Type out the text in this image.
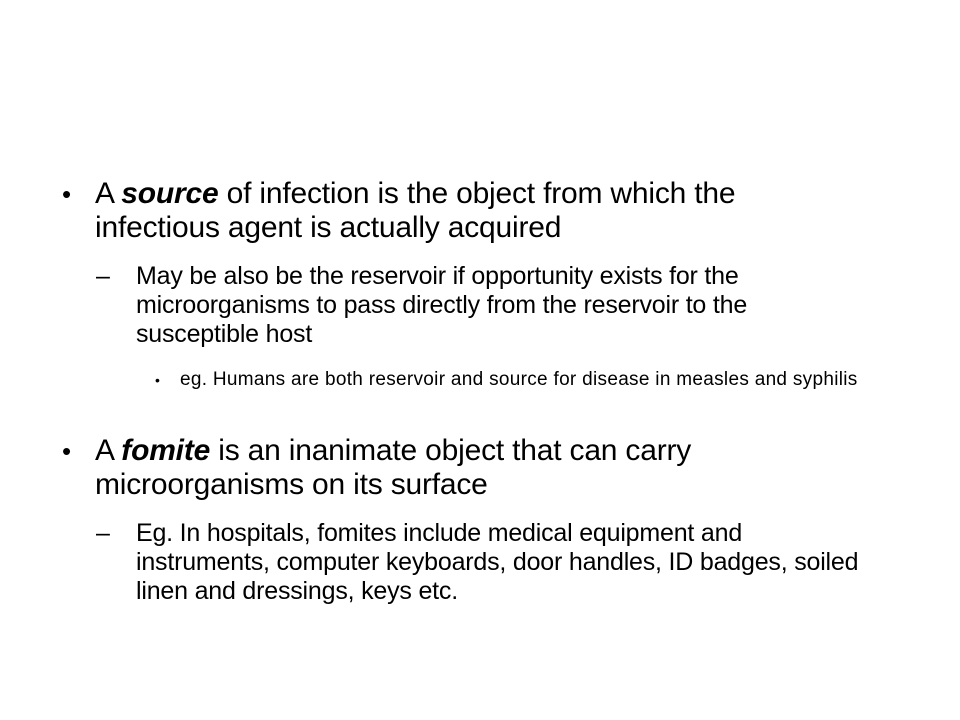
• A source of infection is the object from which the infectious agent is actually acquired
–	May be also be the reservoir if opportunity exists for the microorganisms to pass directly from the reservoir to the susceptible host
•	eg. Humans are both reservoir and source for disease in measles and syphilis
• A fomite is an inanimate object that can carry microorganisms on its surface
–	Eg. In hospitals, fomites include medical equipment and instruments, computer keyboards, door handles, ID badges, soiled linen and dressings, keys etc.
